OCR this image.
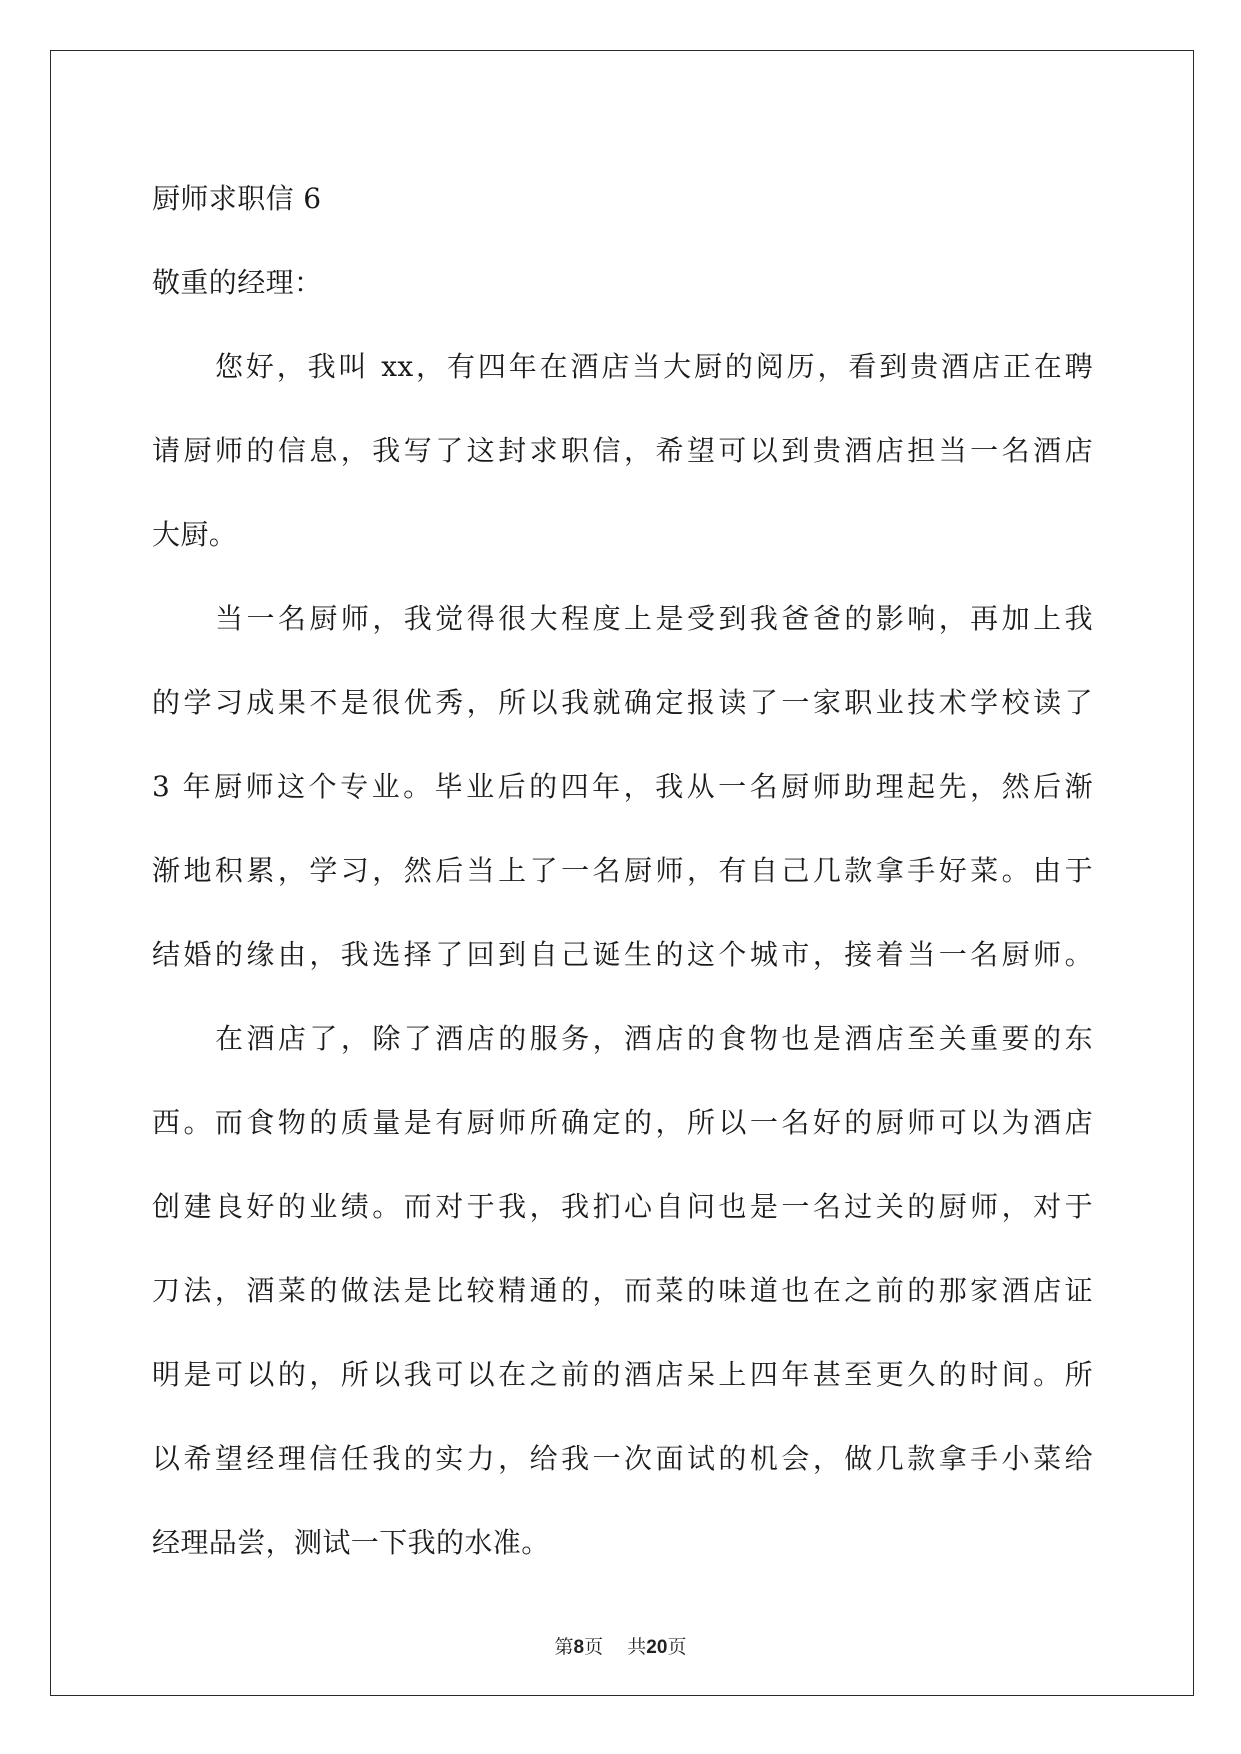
厨师求职信 6
敬重的经理：
您好，我叫 xx，有四年在酒店当大厨的阅历，看到贵酒店正在聘
请厨师的信息，我写了这封求职信，希望可以到贵酒店担当一名酒店
大厨。
当一名厨师，我觉得很大程度上是受到我爸爸的影响，再加上我
的学习成果不是很优秀，所以我就确定报读了一家职业技术学校读了
3 年厨师这个专业。毕业后的四年，我从一名厨师助理起先，然后渐
渐地积累，学习，然后当上了一名厨师，有自己几款拿手好菜。由于
结婚的缘由，我选择了回到自己诞生的这个城市，接着当一名厨师。
在酒店了，除了酒店的服务，酒店的食物也是酒店至关重要的东
西。而食物的质量是有厨师所确定的，所以一名好的厨师可以为酒店
创建良好的业绩。而对于我，我扪心自问也是一名过关的厨师，对于
刀法，酒菜的做法是比较精通的，而菜的味道也在之前的那家酒店证
明是可以的，所以我可以在之前的酒店呆上四年甚至更久的时间。所
以希望经理信任我的实力，给我一次面试的机会，做几款拿手小菜给
经理品尝，测试一下我的水准。
第8页    共20页
